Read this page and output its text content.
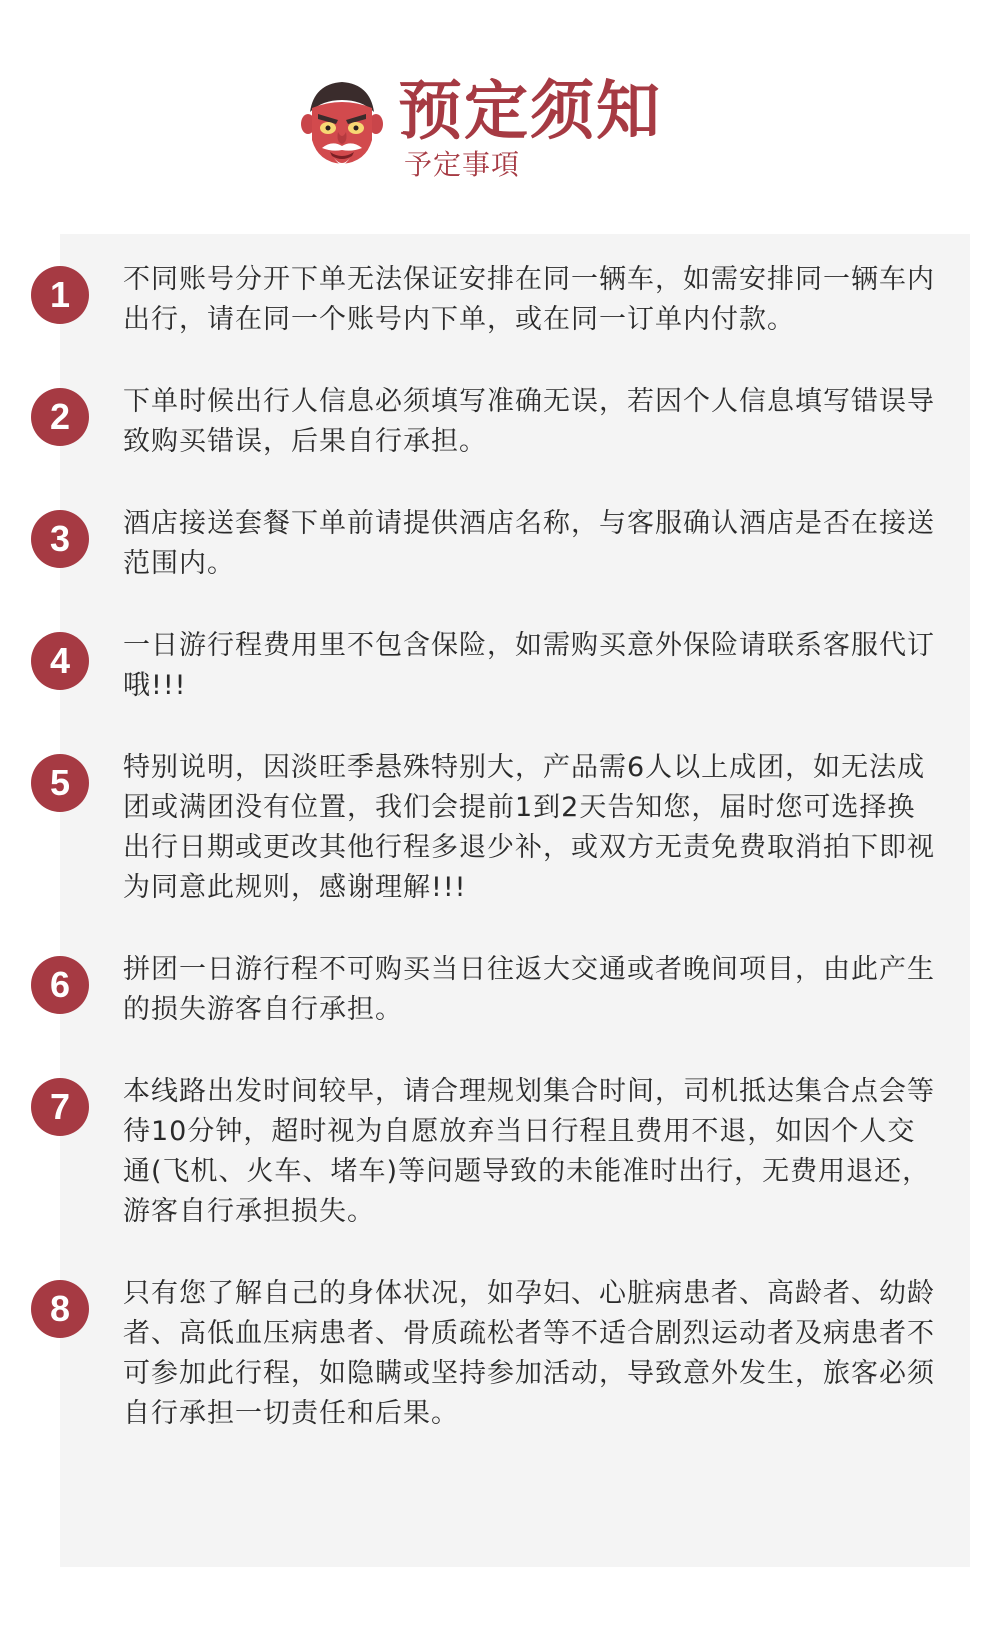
预定须知
予定事項
1	不同账号分开下单无法保证安排在同一辆车，如需安排同一辆车内出行，请在同一个账号内下单，或在同一订单内付款。
2	下单时候出行人信息必须填写准确无误，若因个人信息填写错误导致购买错误，后果自行承担。
3	酒店接送套餐下单前请提供酒店名称，与客服确认酒店是否在接送范围内。
4	一日游行程费用里不包含保险，如需购买意外保险请联系客服代订哦!!!
5	特别说明，因淡旺季悬殊特别大，产品需6人以上成团，如无法成团或满团没有位置，我们会提前1到2天告知您，届时您可选择换出行日期或更改其他行程多退少补，或双方无责免费取消拍下即视为同意此规则，感谢理解!!!
6	拼团一日游行程不可购买当日往返大交通或者晚间项目，由此产生的损失游客自行承担。
7	本线路出发时间较早，请合理规划集合时间，司机抵达集合点会等待10分钟，超时视为自愿放弃当日行程且费用不退，如因个人交通(飞机、火车、堵车)等问题导致的未能准时出行，无费用退还，游客自行承担损失。
8	只有您了解自己的身体状况，如孕妇、心脏病患者、高龄者、幼龄者、高低血压病患者、骨质疏松者等不适合剧烈运动者及病患者不可参加此行程，如隐瞒或坚持参加活动，导致意外发生，旅客必须自行承担一切责任和后果。
